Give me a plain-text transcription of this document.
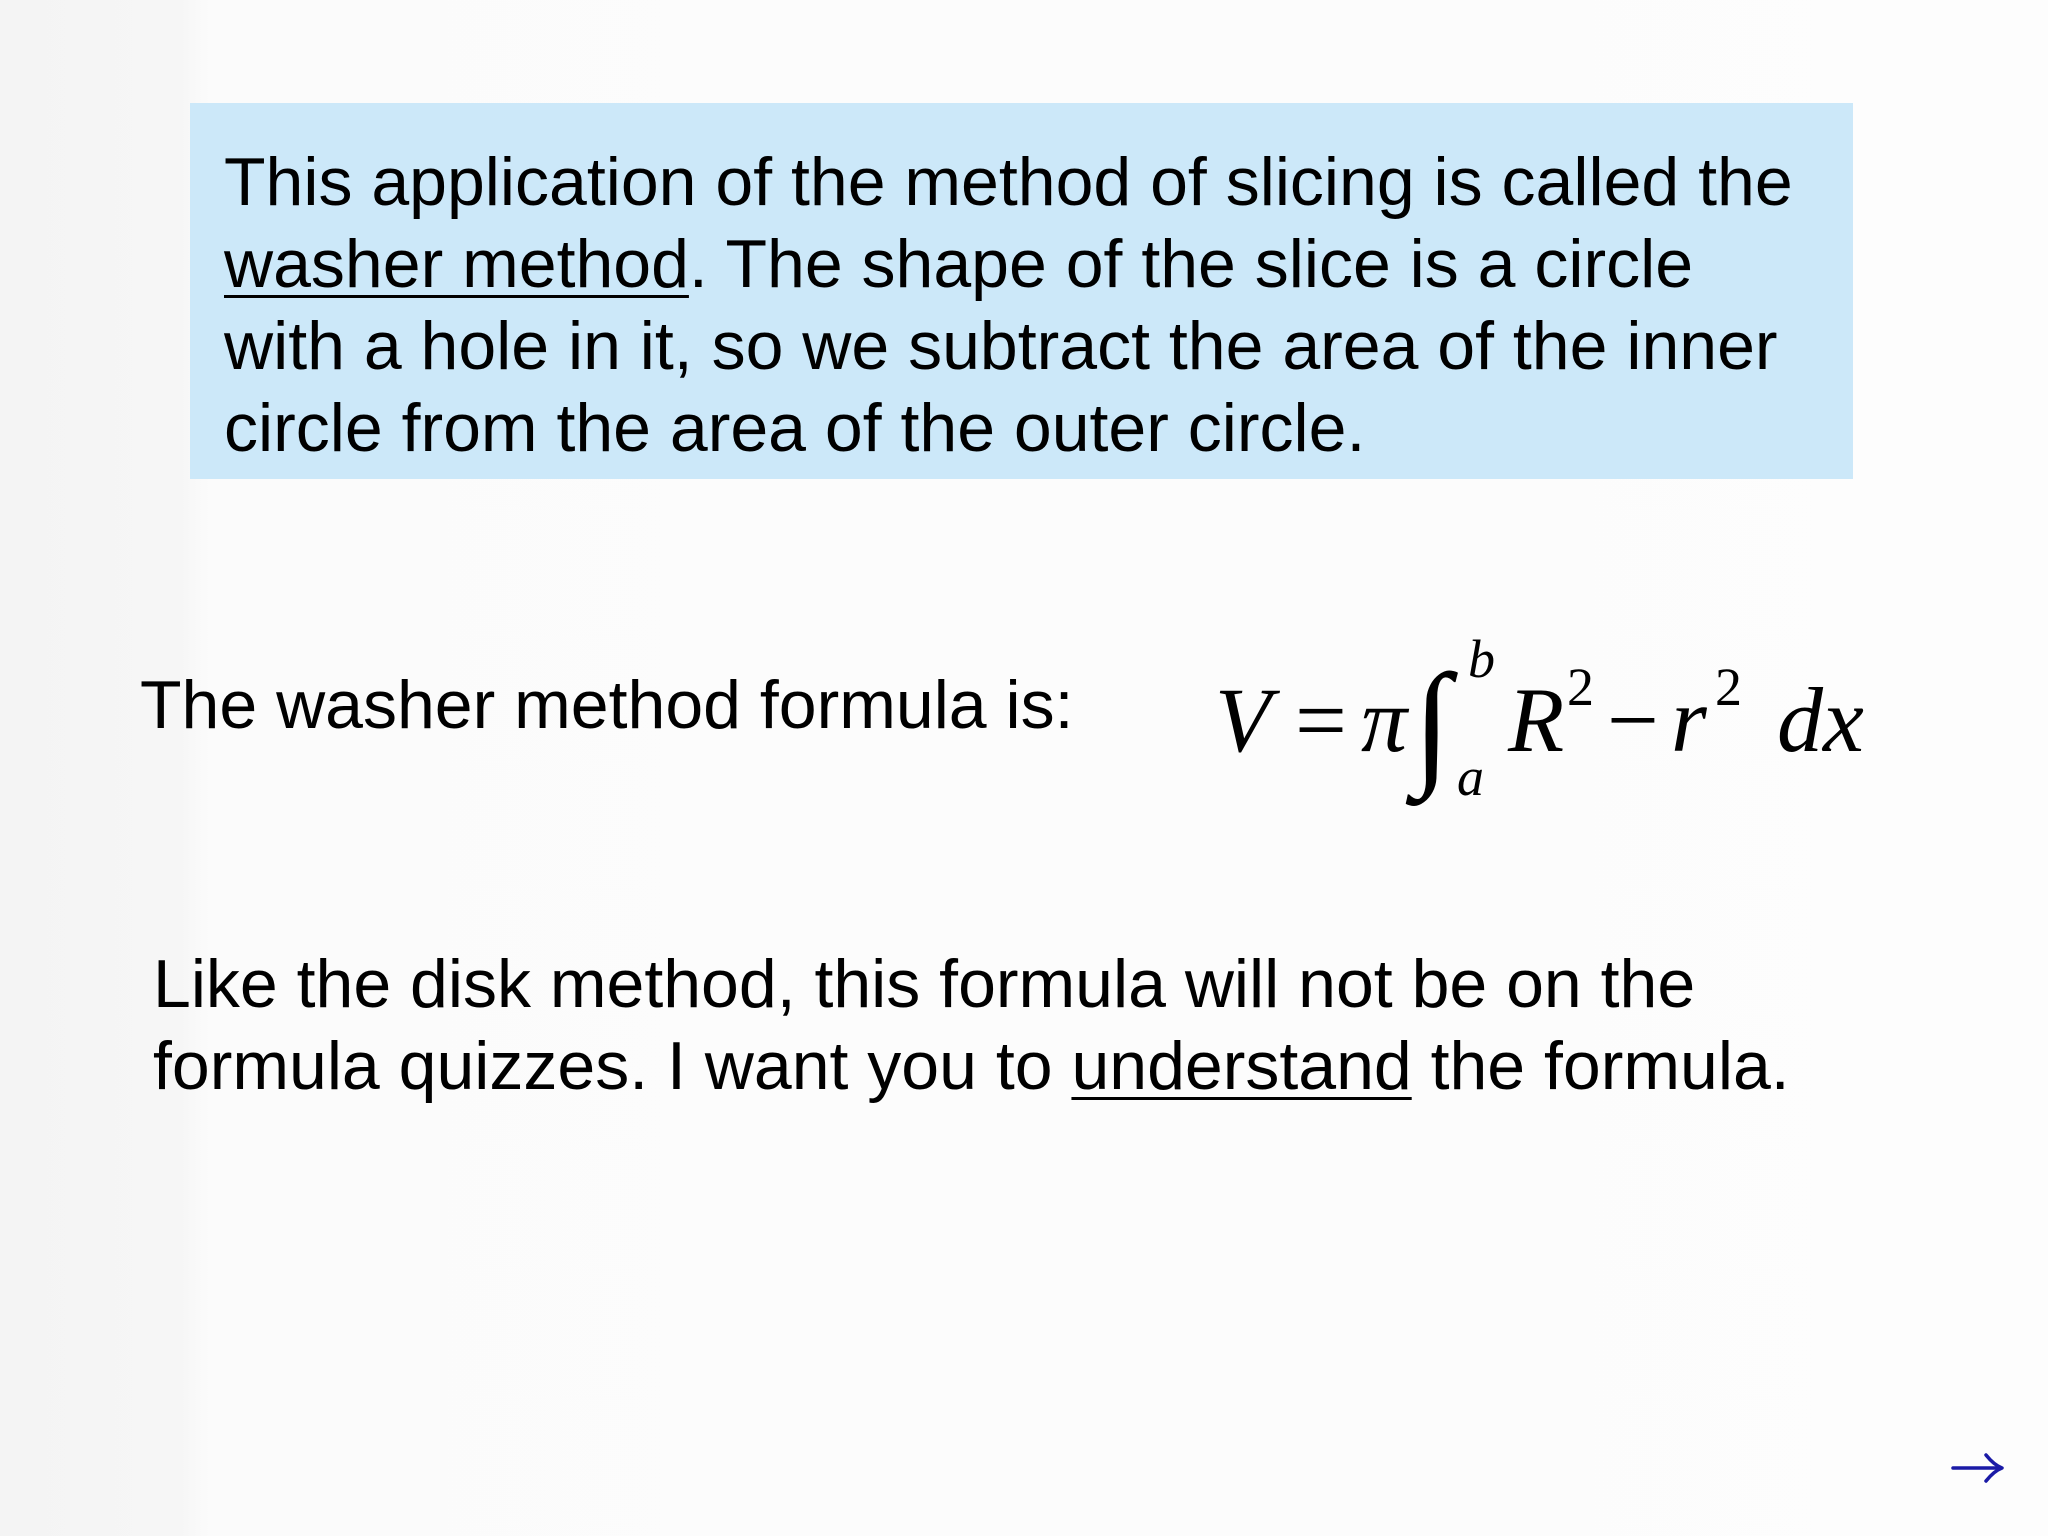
This application of the method of slicing is called the
washer method. The shape of the slice is a circle
with a hole in it, so we subtract the area of the inner
circle from the area of the outer circle.

The washer method formula is: V = π ∫ b
a
R 2 − r 2 dx

Like the disk method, this formula will not be on the
formula quizzes. I want you to understand the formula.
